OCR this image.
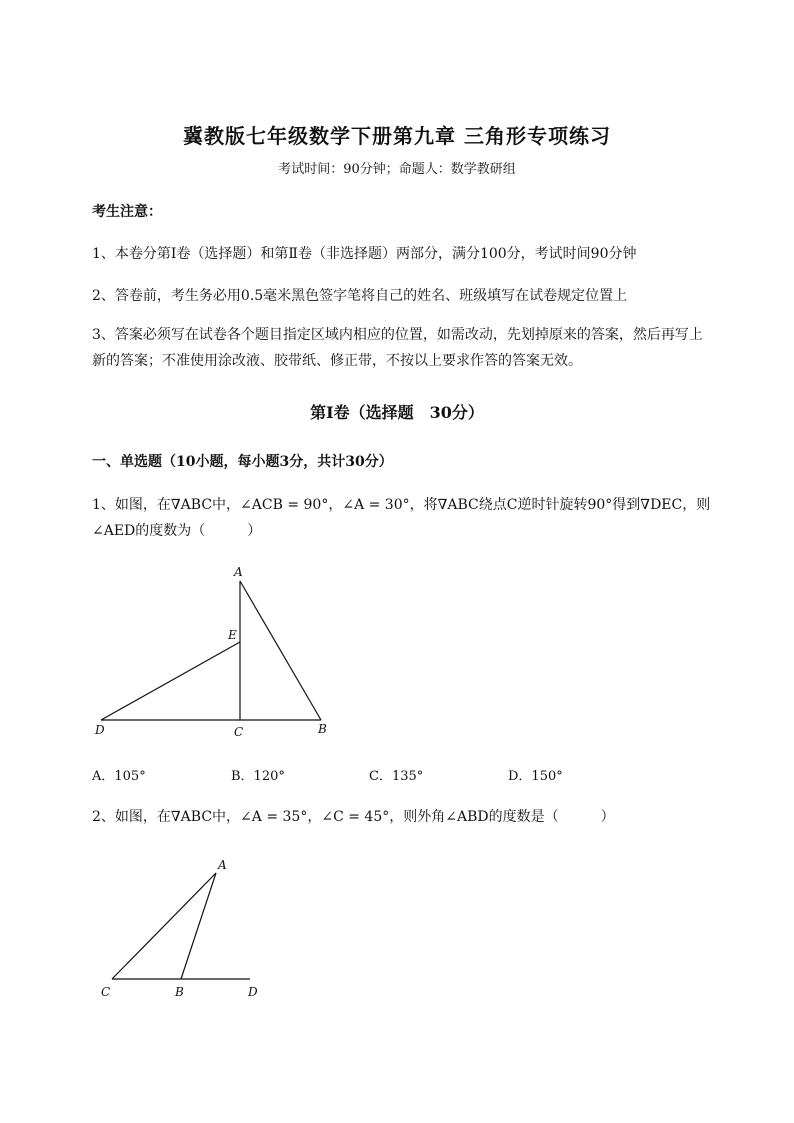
冀教版七年级数学下册第九章 三角形专项练习
考试时间：90分钟；命题人：数学教研组
考生注意：
1、本卷分第I卷（选择题）和第Ⅱ卷（非选择题）两部分，满分100分，考试时间90分钟
2、答卷前，考生务必用0.5毫米黑色签字笔将自己的姓名、班级填写在试卷规定位置上
3、答案必须写在试卷各个题目指定区域内相应的位置，如需改动，先划掉原来的答案，然后再写上新的答案；不准使用涂改液、胶带纸、修正带，不按以上要求作答的答案无效。
第I卷（选择题　30分）
一、单选题（10小题，每小题3分，共计30分）
1、如图，在∇ABC中，∠ACB = 90°，∠A = 30°，将∇ABC绕点C逆时针旋转90°得到∇DEC，则
∠AED的度数为（　　　）
A
E
D	C	B
A
C	B	D
A．105°	B．120°	C．135°	D．150°
2、如图，在∇ABC中，∠A = 35°，∠C = 45°，则外角∠ABD的度数是（　　　）
